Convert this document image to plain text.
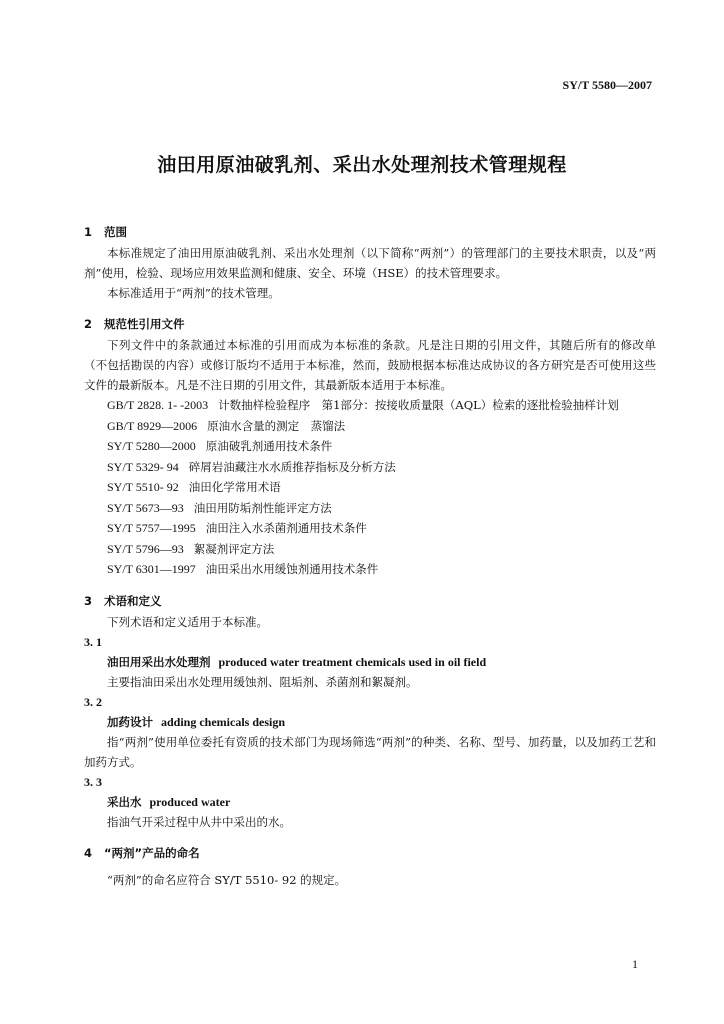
SY/T 5580—2007
油田用原油破乳剂、采出水处理剂技术管理规程
1	范围

本标准规定了油田用原油破乳剂、采出水处理剂（以下简称“两剂”）的管理部门的主要技术职责，以及“两剂”使用，检验、现场应用效果监测和健康、安全、环境（HSE）的技术管理要求。

本标准适用于“两剂”的技术管理。

2	规范性引用文件

下列文件中的条款通过本标准的引用而成为本标准的条款。凡是注日期的引用文件，其随后所有的修改单（不包括勘误的内容）或修订版均不适用于本标准，然而，鼓励根据本标准达成协议的各方研究是否可使用这些文件的最新版本。凡是不注日期的引用文件，其最新版本适用于本标准。

GB/T 2828. 1- -2003 计数抽样检验程序　第1部分：按接收质量限（AQL）检索的逐批检验抽样计划
GB/T 8929—2006 原油水含量的测定　蒸馏法
SY/T 5280—2000 原油破乳剂通用技术条件
SY/T 5329- 94 碎屑岩油藏注水水质推荐指标及分析方法
SY/T 5510- 92 油田化学常用术语
SY/T 5673—93 油田用防垢剂性能评定方法
SY/T 5757—1995 油田注入水杀菌剂通用技术条件
SY/T 5796—93 絮凝剂评定方法
SY/T 6301—1997 油田采出水用缓蚀剂通用技术条件
3	术语和定义

下列术语和定义适用于本标准。

3. 1

油田用采出水处理剂 produced water treatment chemicals used in oil field

主要指油田采出水处理用缓蚀剂、阻垢剂、杀菌剂和絮凝剂。

3. 2

加药设计 adding chemicals design

指“两剂”使用单位委托有资质的技术部门为现场筛选“两剂”的种类、名称、型号、加药量，以及加药工艺和加药方式。

3. 3

采出水 produced water

指油气开采过程中从井中采出的水。

4	“两剂”产品的命名

“两剂”的命名应符合 SY/T 5510- 92 的规定。

1
